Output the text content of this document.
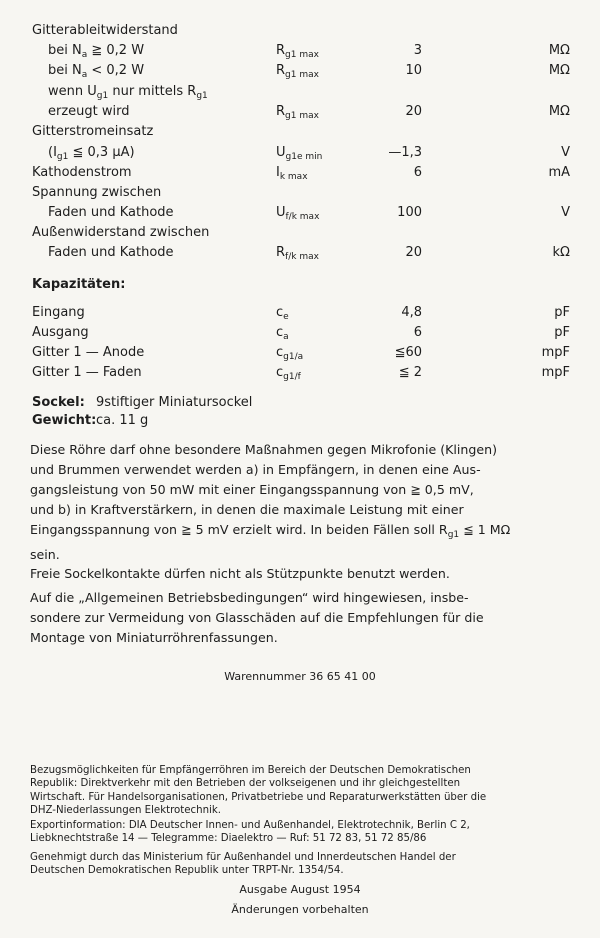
Gitterableitwiderstand
bei $N_a$ ≧ 0,2 W	$R_{g1 max}$	3	MΩ
bei $N_a < 0,2$ W	$R_{g1 max}$	10	MΩ
wenn $U_{g1}$ nur mittels $R_{g1}$
erzeugt wird	$R_{g1 max}$	20	MΩ
Gitterstromeinsatz
($I_{g1}$ ≦ 0,3 μA)	$U_{g1e min}$	—1,3	V
Kathodenstrom	$I_{k max}$	6	mA
Spannung zwischen
Faden und Kathode	$U_{f/k max}$	100	V
Außenwiderstand zwischen
Faden und Kathode	$R_{f/k max}$	20	kΩ
Kapazitäten:
Eingang	$c_e$	4,8	pF
Ausgang	$c_a$	6	pF
Gitter 1 — Anode	$c_{g1/a}$	≦60	mpF
Gitter 1 — Faden	$c_{g1/f}$	≦ 2	mpF
Sockel: 9stiftiger Miniatursockel
Gewicht: ca. 11 g
Diese Röhre darf ohne besondere Maßnahmen gegen Mikrofonie (Klingen)
und Brummen verwendet werden a) in Empfängern, in denen eine Aus-
gangsleistung von 50 mW mit einer Eingangsspannung von ≧ 0,5 mV,
und b) in Kraftverstärkern, in denen die maximale Leistung mit einer
Eingangsspannung von ≧ 5 mV erzielt wird. In beiden Fällen soll $R_{g1}$ ≦ 1 MΩ
sein.
Freie Sockelkontakte dürfen nicht als Stützpunkte benutzt werden.
Auf die „Allgemeinen Betriebsbedingungen“ wird hingewiesen, insbe-
sondere zur Vermeidung von Glasschäden auf die Empfehlungen für die
Montage von Miniaturröhrenfassungen.
Warennummer 36 65 41 00
Bezugsmöglichkeiten für Empfängerröhren im Bereich der Deutschen Demokratischen
Republik: Direktverkehr mit den Betrieben der volkseigenen und ihr gleichgestellten
Wirtschaft. Für Handelsorganisationen, Privatbetriebe und Reparaturwerkstätten über die
DHZ-Niederlassungen Elektrotechnik.
Exportinformation: DIA Deutscher Innen- und Außenhandel, Elektrotechnik, Berlin C 2,
Liebknechtstraße 14 — Telegramme: Diaelektro — Ruf: 51 72 83, 51 72 85/86
Genehmigt durch das Ministerium für Außenhandel und Innerdeutschen Handel der
Deutschen Demokratischen Republik unter TRPT-Nr. 1354/54.
Ausgabe August 1954
Änderungen vorbehalten
